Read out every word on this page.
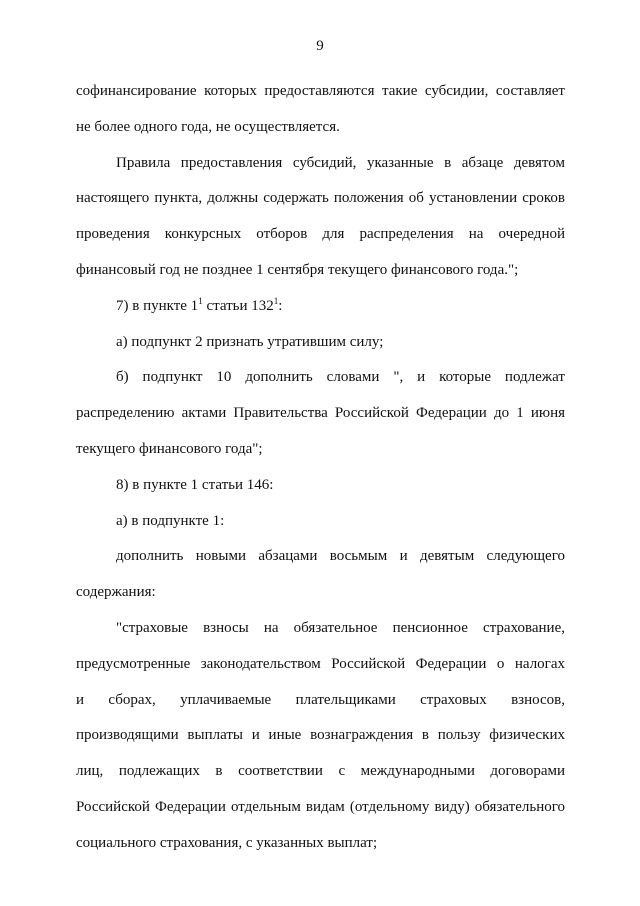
9
софинансирование которых предоставляются такие субсидии, составляет
не более одного года, не осуществляется.
Правила предоставления субсидий, указанные в абзаце девятом
настоящего пункта, должны содержать положения об установлении сроков
проведения конкурсных отборов для распределения на очередной
финансовый год не позднее 1 сентября текущего финансового года.";
7) в пункте $1^1$ статьи $132^1$:
а) подпункт 2 признать утратившим силу;
б) подпункт 10 дополнить словами ", и которые подлежат
распределению актами Правительства Российской Федерации до 1 июня
текущего финансового года";
8) в пункте 1 статьи 146:
а) в подпункте 1:
дополнить новыми абзацами восьмым и девятым следующего
содержания:
"страховые взносы на обязательное пенсионное страхование,
предусмотренные законодательством Российской Федерации о налогах
и сборах, уплачиваемые плательщиками страховых взносов,
производящими выплаты и иные вознаграждения в пользу физических
лиц, подлежащих в соответствии с международными договорами
Российской Федерации отдельным видам (отдельному виду) обязательного
социального страхования, с указанных выплат;
